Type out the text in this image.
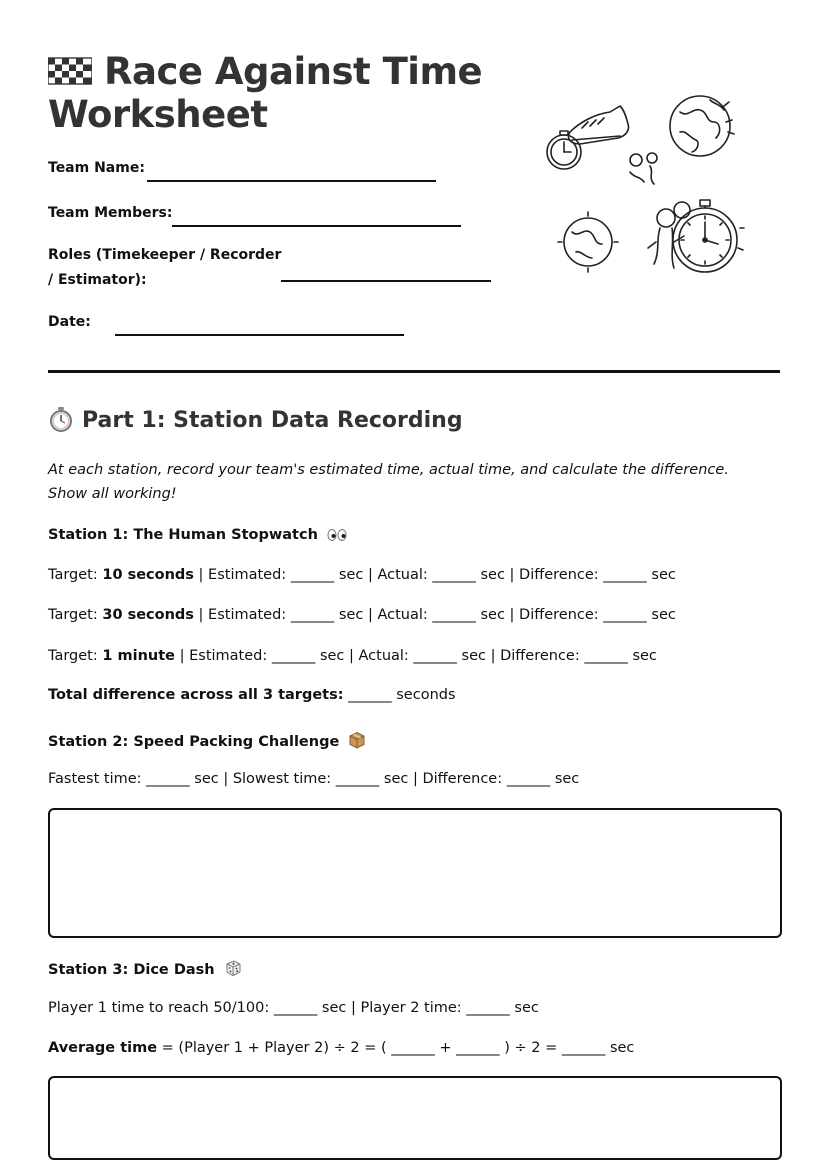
Race Against Time Worksheet
Team Name:
Team Members:
Roles (Timekeeper / Recorder
/ Estimator):
Date:
Part 1: Station Data Recording
At each station, record your team's estimated time, actual time, and calculate the difference. Show all working!
Station 1: The Human Stopwatch
Target: 10 seconds | Estimated: ______ sec | Actual: ______ sec | Difference: ______ sec
Target: 30 seconds | Estimated: ______ sec | Actual: ______ sec | Difference: ______ sec
Target: 1 minute | Estimated: ______ sec | Actual: ______ sec | Difference: ______ sec
Total difference across all 3 targets: ______ seconds
Station 2: Speed Packing Challenge
Fastest time: ______ sec | Slowest time: ______ sec | Difference: ______ sec
Station 3: Dice Dash
Player 1 time to reach 50/100: ______ sec | Player 2 time: ______ sec
Average time = (Player 1 + Player 2) ÷ 2 = ( ______ + ______ ) ÷ 2 = ______ sec
